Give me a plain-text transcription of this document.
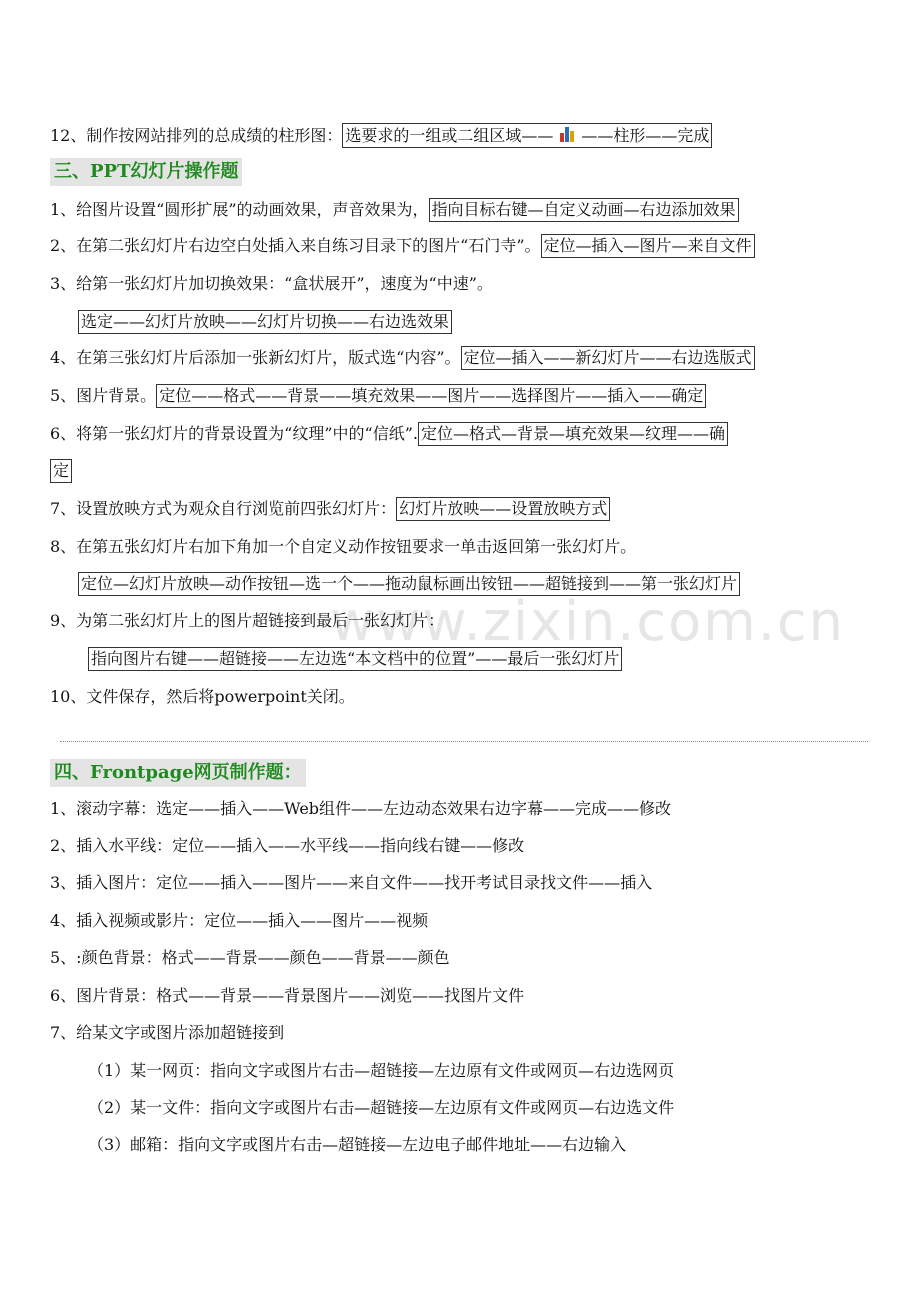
www.zixin.com.cn
12、制作按网站排列的总成绩的柱形图： 选要求的一组或二组区域—— ——柱形——完成
三、PPT幻灯片操作题
1、给图片设置“圆形扩展”的动画效果，声音效果为， 指向目标右键—自定义动画—右边添加效果
2、在第二张幻灯片右边空白处插入来自练习目录下的图片“石门寺”。 定位—插入—图片—来自文件
3、给第一张幻灯片加切换效果：“盒状展开”，速度为“中速”。
选定——幻灯片放映——幻灯片切换——右边选效果
4、在第三张幻灯片后添加一张新幻灯片，版式选“内容”。 定位—插入——新幻灯片——右边选版式
5、图片背景。 定位——格式——背景——填充效果——图片——选择图片——插入——确定
6、将第一张幻灯片的背景设置为“纹理”中的“信纸”. 定位—格式—背景—填充效果—纹理——确
定
7、设置放映方式为观众自行浏览前四张幻灯片： 幻灯片放映——设置放映方式
8、在第五张幻灯片右加下角加一个自定义动作按钮要求一单击返回第一张幻灯片。
定位—幻灯片放映—动作按钮—选一个——拖动鼠标画出铵钮——超链接到——第一张幻灯片
9、为第二张幻灯片上的图片超链接到最后一张幻灯片：
指向图片右键——超链接——左边选“本文档中的位置”——最后一张幻灯片
10、文件保存，然后将powerpoint关闭。
四、Frontpage网页制作题：
1、滚动字幕：选定——插入——Web组件——左边动态效果右边字幕——完成——修改
2、插入水平线：定位——插入——水平线——指向线右键——修改
3、插入图片：定位——插入——图片——来自文件——找开考试目录找文件——插入
4、插入视频或影片：定位——插入——图片——视频
5、:颜色背景：格式——背景——颜色——背景——颜色
6、图片背景：格式——背景——背景图片——浏览——找图片文件
7、给某文字或图片添加超链接到
（1）某一网页：指向文字或图片右击—超链接—左边原有文件或网页—右边选网页
（2）某一文件：指向文字或图片右击—超链接—左边原有文件或网页—右边选文件
（3）邮箱：指向文字或图片右击—超链接—左边电子邮件地址——右边输入
